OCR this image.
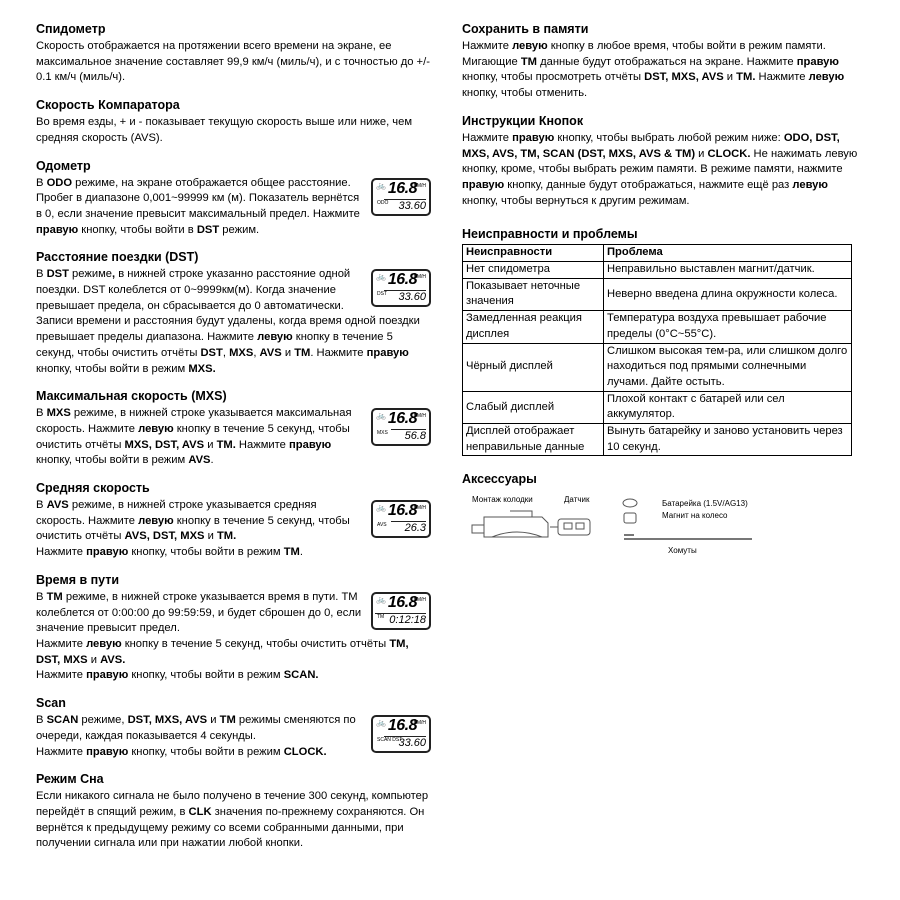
Спидометр

Скорость отображается на протяжении всего времени на экране, ее максимальное значение составляет 99,9 км/ч (миль/ч), и с точностью до +/- 0.1 км/ч (миль/ч).

Скорость Компаратора

Во время езды, + и - показывает текущую скорость выше или ниже, чем средняя скорость (AVS).

Одометр
🚲 16.8
KM/H
ODO 33.60

В ODO режиме, на экране отображается общее расстояние. Пробег в диапазоне 0,001~99999 км (м). Показатель вернётся в 0, если значение превысит максимальный предел. Нажмите правую кнопку, чтобы войти в DST режим.

Расстояние поездки (DST)
🚲 16.8
KM/H
DST	33.60

В DST режиме, в нижней строке указанно расстояние одной поездки. DST колеблется от 0~9999км(м). Когда значение превышает предела, он сбрасывается до 0 автоматически. Записи времени и расстояния будут удалены, когда время одной поездки превышает пределы диапазона. Нажмите левую кнопку в течение 5 секунд, чтобы очистить отчёты DST, MXS, AVS и TM. Нажмите правую кнопку, чтобы войти в режим MXS.

Максимальная скорость (MXS)
🚲 16.8
KM/H
MXS	56.8

В MXS режиме, в нижней строке указывается максимальная скорость. Нажмите левую кнопку в течение 5 секунд, чтобы очистить отчёты MXS, DST, AVS и TM. Нажмите правую кнопку, чтобы войти в режим AVS.

Средняя скорость
🚲 16.8
KM/H
AVS	26.3

В AVS режиме, в нижней строке указывается средняя скорость. Нажмите левую кнопку в течение 5 секунд, чтобы очистить отчёты AVS, DST, MXS и TM.
Нажмите правую кнопку, чтобы войти в режим TM.

Время в пути
🚲 16.8
KM/H
TM 0:12:18

В TM режиме, в нижней строке указывается время в пути. TM колеблется от 0:00:00 до 99:59:59, и будет сброшен до 0, если значение превысит предел.
Нажмите левую кнопку в течение 5 секунд, чтобы очистить отчёты TM, DST, MXS и AVS.
Нажмите правую кнопку, чтобы войти в режим SCAN.

Scan
🚲 16.8
KM/H
SCAN DST
33.60

В SCAN режиме, DST, MXS, AVS и TM режимы сменяются по очереди, каждая показывается 4 секунды.
Нажмите правую кнопку, чтобы войти в режим CLOCK.

Режим Сна

Если никакого сигнала не было получено в течение 300 секунд, компьютер перейдёт в спящий режим, в CLK значения по-прежнему сохраняются. Он вернётся к предыдущему режиму со всеми собранными данными, при получении сигнала или при нажатии любой кнопки.

Сохранить в памяти

Нажмите левую кнопку в любое время, чтобы войти в режим памяти. Мигающие TM данные будут отображаться на экране. Нажмите правую кнопку, чтобы просмотреть отчёты DST, MXS, AVS и TM. Нажмите левую кнопку, чтобы отменить.

Инструкции Кнопок

Нажмите правую кнопку, чтобы выбрать любой режим ниже: ODO, DST, MXS, AVS, TM, SCAN (DST, MXS, AVS & TM) и CLOCK. Не нажимать левую кнопку, кроме, чтобы выбрать режим памяти. В режиме памяти, нажмите правую кнопку, данные будут отображаться, нажмите ещё раз левую кнопку, чтобы вернуться к другим режимам.

Неисправности и проблемы
Неисправности	Проблема
Нет спидометра	Неправильно выставлен магнит/датчик.
Показывает неточные значения	Неверно введена длина окружности колеса.
Замедленная реакция дисплея	Температура воздуха превышает рабочие пределы (0°C~55°C).
Чёрный дисплей	Слишком высокая тем-ра, или слишком долго находиться под прямыми солнечными лучами. Дайте остыть.
Слабый дисплей	Плохой контакт с батарей или сел аккумулятор.
Дисплей отображает неправильные данные	Вынуть батарейку и заново установить через 10 секунд.
Аксессуары
Монтаж колодки	Датчик	Батарейка (1.5V/AG13)
Магнит на колесо
Хомуты
